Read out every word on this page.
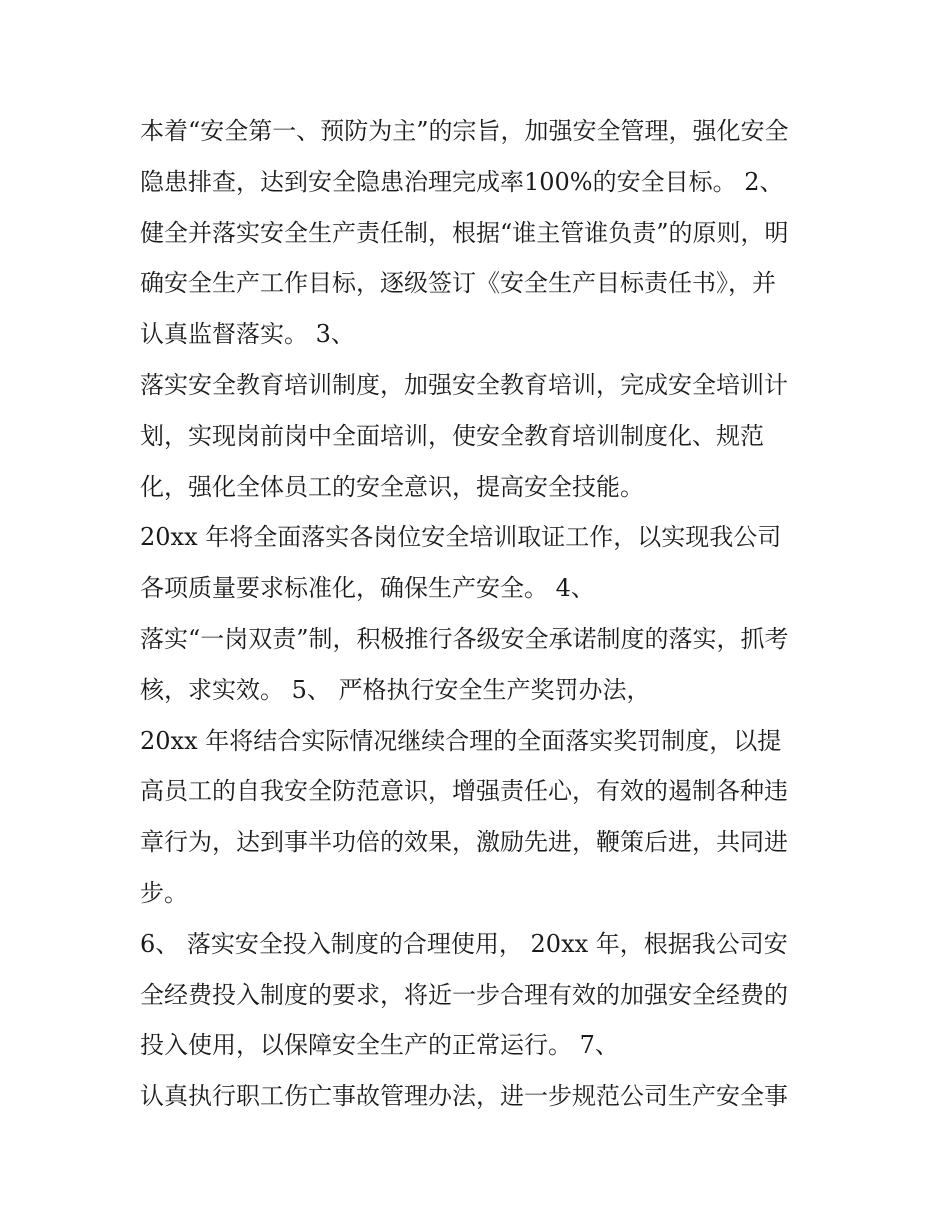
本着“安全第一、预防为主”的宗旨，加强安全管理，强化安全
隐患排查，达到安全隐患治理完成率100%的安全目标。 2、
健全并落实安全生产责任制，根据“谁主管谁负责”的原则，明
确安全生产工作目标，逐级签订《安全生产目标责任书》，并
认真监督落实。 3、
落实安全教育培训制度，加强安全教育培训，完成安全培训计
划，实现岗前岗中全面培训，使安全教育培训制度化、规范
化，强化全体员工的安全意识，提高安全技能。
20xx 年将全面落实各岗位安全培训取证工作，以实现我公司
各项质量要求标准化，确保生产安全。 4、
落实“一岗双责”制，积极推行各级安全承诺制度的落实，抓考
核，求实效。 5、 严格执行安全生产奖罚办法，
20xx 年将结合实际情况继续合理的全面落实奖罚制度，以提
高员工的自我安全防范意识，增强责任心，有效的遏制各种违
章行为，达到事半功倍的效果，激励先进，鞭策后进，共同进
步。
6、 落实安全投入制度的合理使用， 20xx 年，根据我公司安
全经费投入制度的要求，将近一步合理有效的加强安全经费的
投入使用，以保障安全生产的正常运行。 7、
认真执行职工伤亡事故管理办法，进一步规范公司生产安全事
